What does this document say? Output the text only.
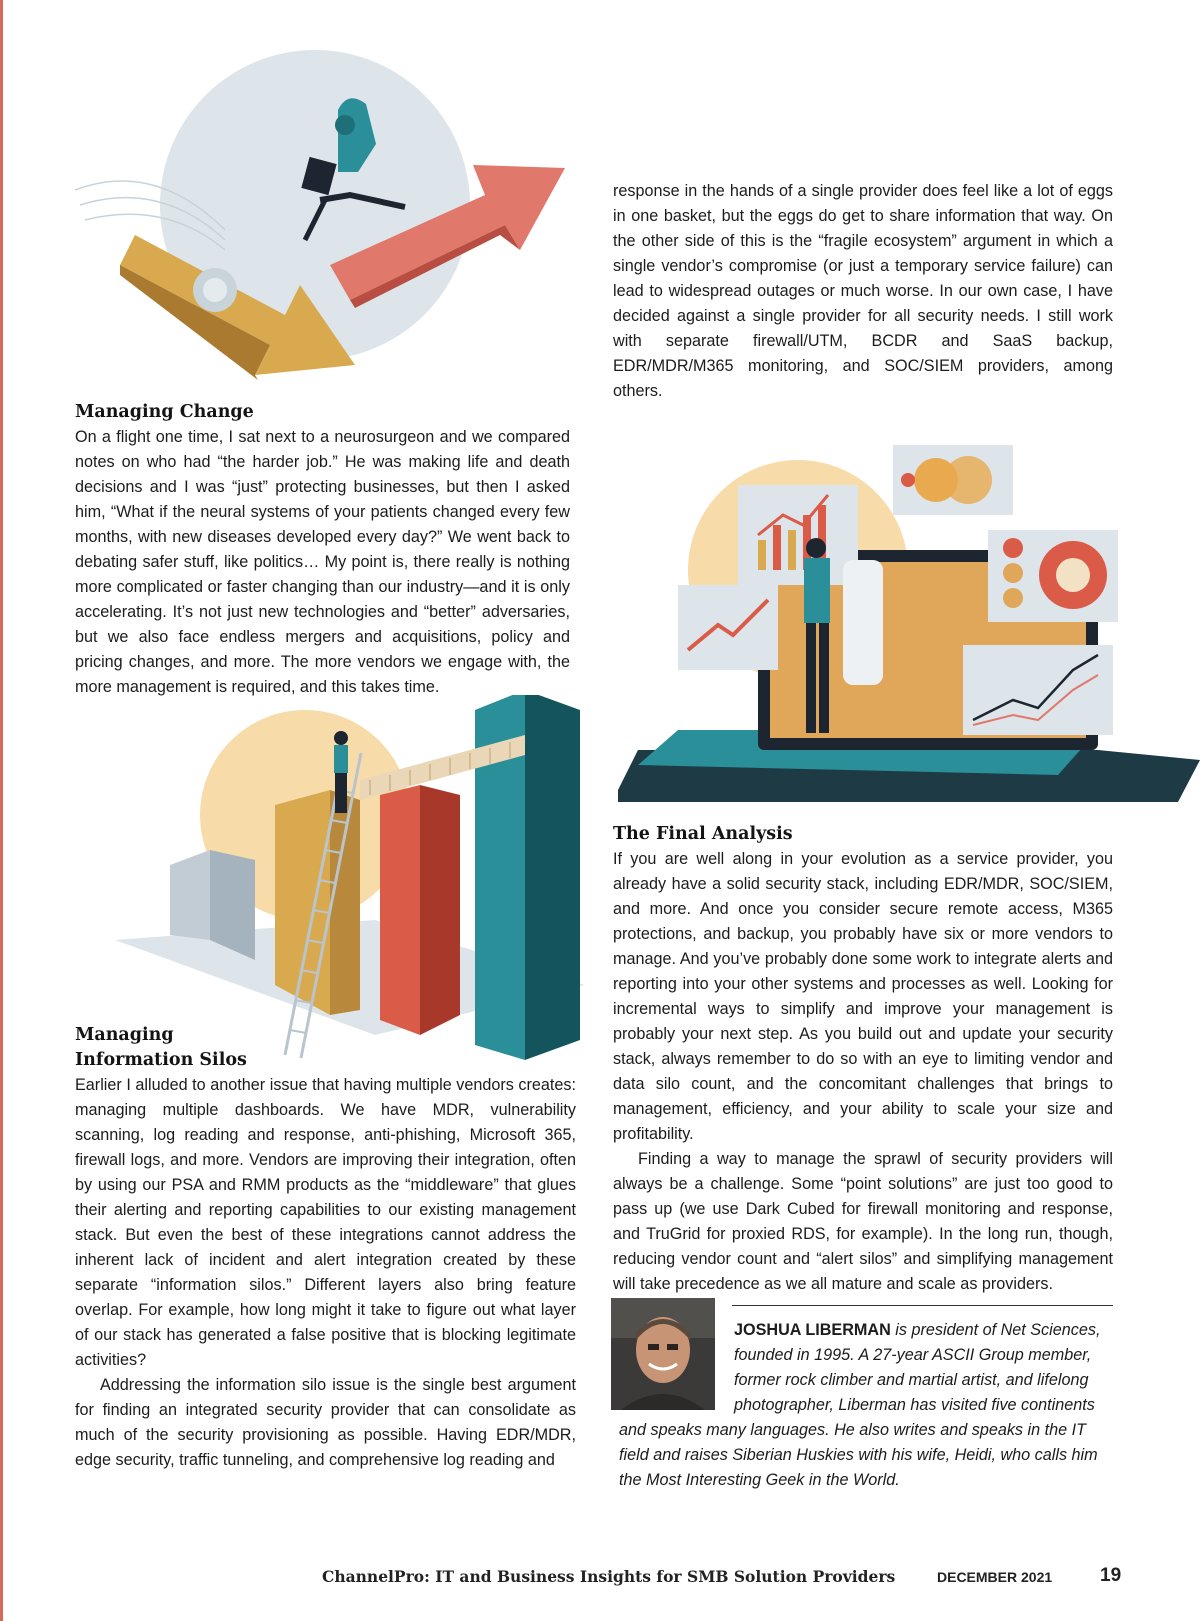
response in the hands of a single provider does feel like a lot of eggs in one basket, but the eggs do get to share information that way. On the other side of this is the “fragile ecosystem” argument in which a single vendor’s compromise (or just a temporary service failure) can lead to widespread outages or much worse. In our own case, I have decided against a single provider for all security needs. I still work with separate firewall/UTM, BCDR and SaaS backup, EDR/MDR/M365 monitoring, and SOC/SIEM providers, among others.

Managing Change

On a flight one time, I sat next to a neurosurgeon and we compared notes on who had “the harder job.” He was making life and death decisions and I was “just” protecting businesses, but then I asked him, “What if the neural systems of your patients changed every few months, with new diseases developed every day?” We went back to debating safer stuff, like politics… My point is, there really is nothing more complicated or faster changing than our industry—and it is only accelerating. It’s not just new technologies and “better” adversaries, but we also face endless mergers and acquisitions, policy and pricing changes, and more. The more vendors we engage with, the more management is required, and this takes time.

Managing
Information Silos

Earlier I alluded to another issue that having multiple vendors creates: managing multiple dashboards. We have MDR, vulnerability scanning, log reading and response, anti-phishing, Microsoft 365, firewall logs, and more. Vendors are improving their integration, often by using our PSA and RMM products as the “middleware” that glues their alerting and reporting capabilities to our existing management stack. But even the best of these integrations cannot address the inherent lack of incident and alert integration created by these separate “information silos.” Different layers also bring feature overlap. For example, how long might it take to figure out what layer of our stack has generated a false positive that is blocking legitimate activities?

Addressing the information silo issue is the single best argument for finding an integrated security provider that can consolidate as much of the security provisioning as possible. Having EDR/MDR, edge security, traffic tunneling, and comprehensive log reading and

The Final Analysis

If you are well along in your evolution as a service provider, you already have a solid security stack, including EDR/MDR, SOC/SIEM, and more. And once you consider secure remote access, M365 protections, and backup, you probably have six or more vendors to manage. And you’ve probably done some work to integrate alerts and reporting into your other systems and processes as well. Looking for incremental ways to simplify and improve your management is probably your next step. As you build out and update your security stack, always remember to do so with an eye to limiting vendor and data silo count, and the concomitant challenges that brings to management, efficiency, and your ability to scale your size and profitability.

Finding a way to manage the sprawl of security providers will always be a challenge. Some “point solutions” are just too good to pass up (we use Dark Cubed for firewall monitoring and response, and TruGrid for proxied RDS, for example). In the long run, though, reducing vendor count and “alert silos” and simplifying management will take precedence as we all mature and scale as providers.

JOSHUA LIBERMAN is president of Net Sciences,
founded in 1995. A 27-year ASCII Group member,
former rock climber and martial artist, and lifelong
photographer, Liberman has visited five continents
and speaks many languages. He also writes and speaks in the IT
field and raises Siberian Huskies with his wife, Heidi, who calls him
the Most Interesting Geek in the World.
ChannelPro: IT and Business Insights for SMB Solution Providers	DECEMBER 2021	19
